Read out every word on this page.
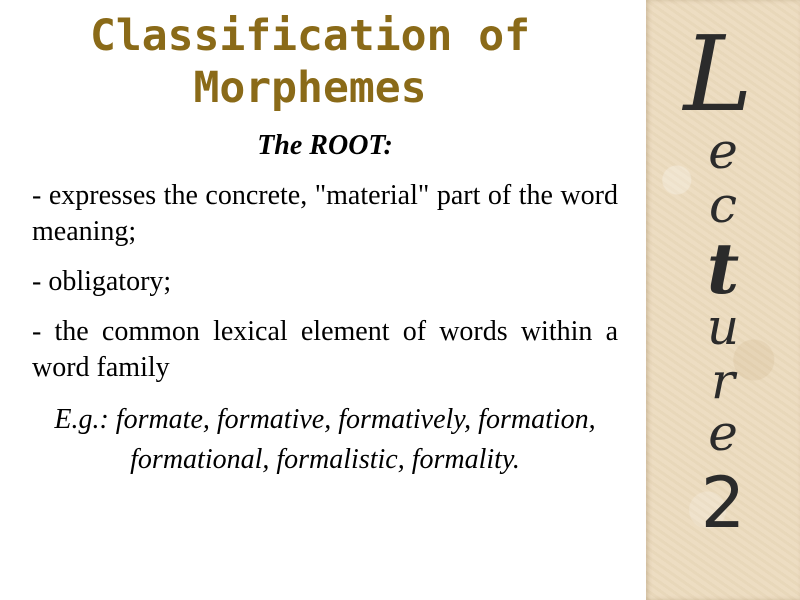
Classification of Morphemes

The ROOT:

- expresses the concrete, "material" part of the word meaning;

- obligatory;

- the common lexical element of words within a word family

E.g.: formate, formative, formatively, formation, formational, formalistic, formality.

L
e
c
t
u
r
e
2
